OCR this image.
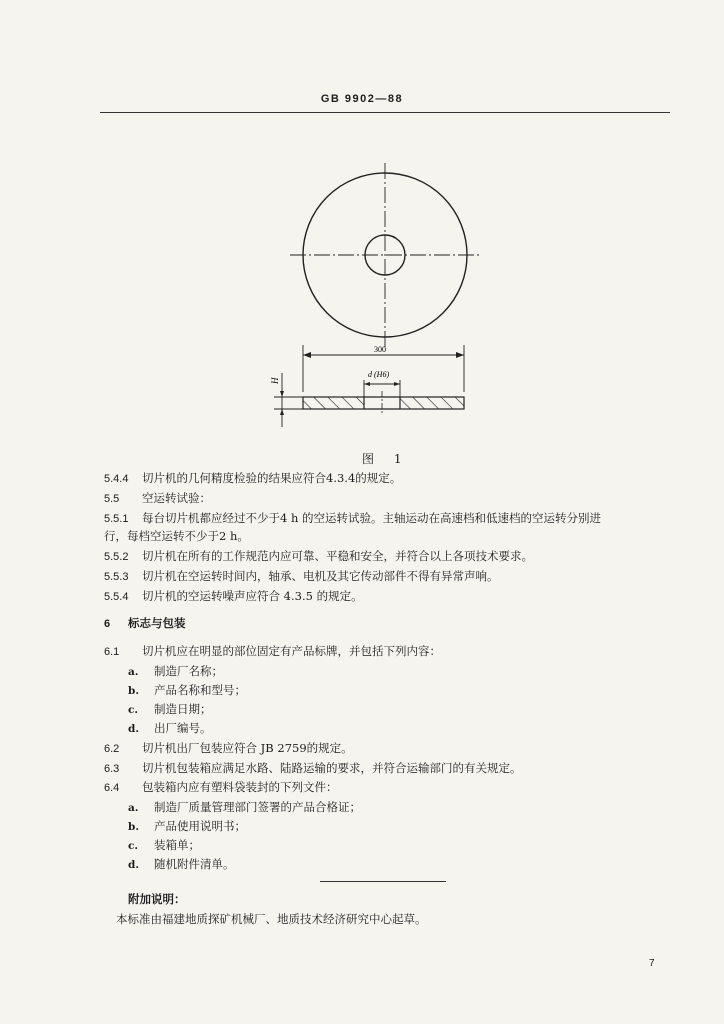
GB 9902—88
300
d (H6)
H
图 1
5.4.4 切片机的几何精度检验的结果应符合4.3.4的规定。
5.5 空运转试验：
5.5.1 每台切片机都应经过不少于4 h 的空运转试验。主轴运动在高速档和低速档的空运转分别进
行，每档空运转不少于2 h。
5.5.2 切片机在所有的工作规范内应可靠、平稳和安全，并符合以上各项技术要求。
5.5.3 切片机在空运转时间内，轴承、电机及其它传动部件不得有异常声响。
5.5.4 切片机的空运转噪声应符合 4.3.5 的规定。
6 标志与包装
6.1 切片机应在明显的部位固定有产品标牌，并包括下列内容：
a. 制造厂名称；
b. 产品名称和型号；
c. 制造日期；
d. 出厂编号。
6.2 切片机出厂包装应符合 JB 2759的规定。
6.3 切片机包装箱应满足水路、陆路运输的要求，并符合运输部门的有关规定。
6.4 包装箱内应有塑料袋装封的下列文件：
a. 制造厂质量管理部门签署的产品合格证；
b. 产品使用说明书；
c. 装箱单；
d. 随机附件清单。
附加说明：
本标准由福建地质探矿机械厂、地质技术经济研究中心起草。
7
